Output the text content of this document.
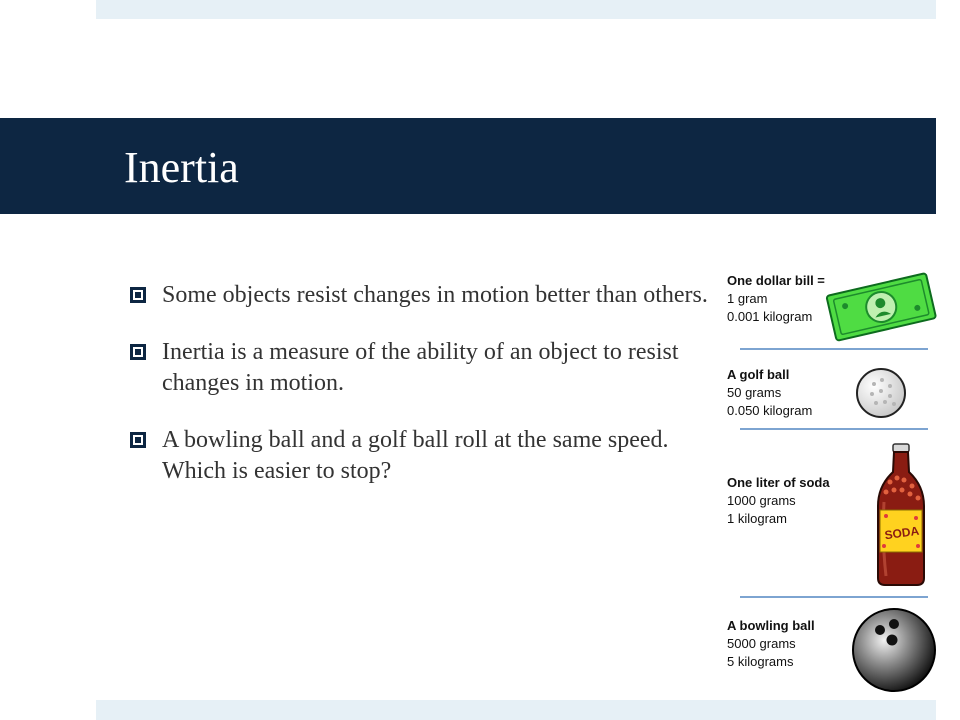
Inertia
Some objects resist changes in motion better than others.
Inertia is a measure of the ability of an object to resist changes in motion.
A bowling ball and a golf ball roll at the same speed. Which is easier to stop?
One dollar bill =
1 gram
0.001 kilogram
A golf ball
50 grams
0.050 kilogram
One liter of soda
1000 grams
1 kilogram
SODA
A bowling ball
5000 grams
5 kilograms
